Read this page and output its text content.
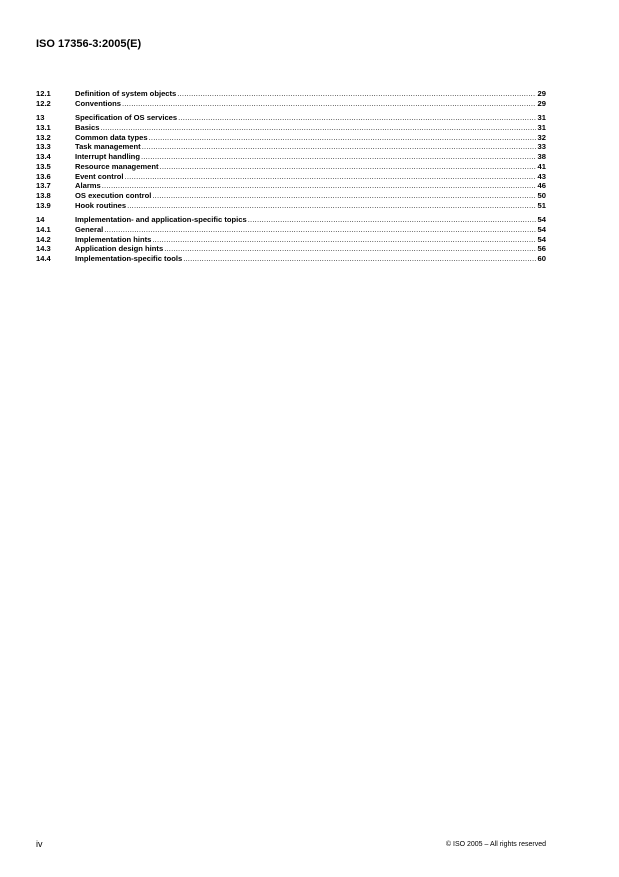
ISO 17356-3:2005(E)
12.1	Definition of system objects .....	29
12.2	Conventions .....	29
13	Specification of OS services .....	31
13.1	Basics .....	31
13.2	Common data types .....	32
13.3	Task management .....	33
13.4	Interrupt handling .....	38
13.5	Resource management .....	41
13.6	Event control .....	43
13.7	Alarms .....	46
13.8	OS execution control .....	50
13.9	Hook routines .....	51
14	Implementation- and application-specific topics .....	54
14.1	General .....	54
14.2	Implementation hints .....	54
14.3	Application design hints .....	56
14.4	Implementation-specific tools .....	60
iv	© ISO 2005 – All rights reserved
